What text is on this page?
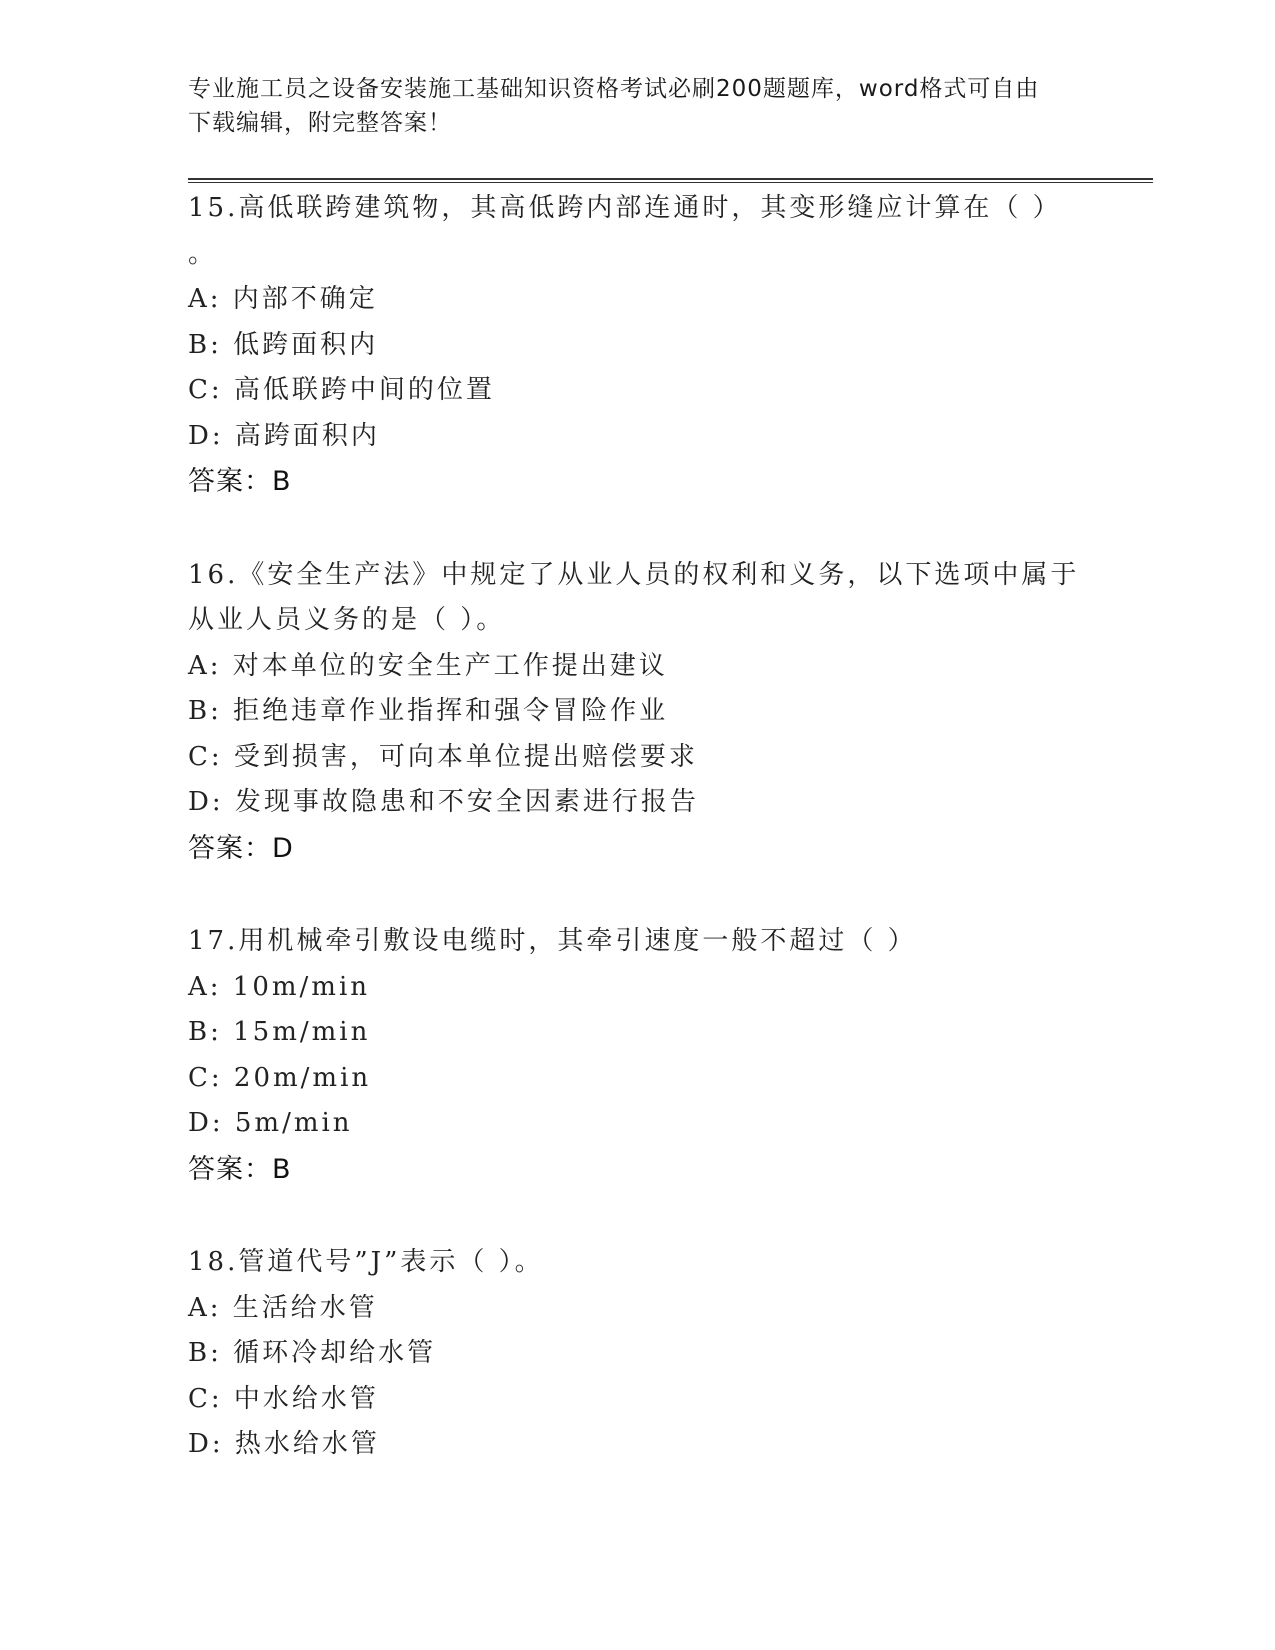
专业施工员之设备安装施工基础知识资格考试必刷200题题库，word格式可自由
下载编辑，附完整答案！
15.高低联跨建筑物，其高低跨内部连通时，其变形缝应计算在（ ）
。
A: 内部不确定
B: 低跨面积内
C: 高低联跨中间的位置
D: 高跨面积内
答案：B
16.《安全生产法》中规定了从业人员的权利和义务，以下选项中属于
从业人员义务的是（ ）。
A: 对本单位的安全生产工作提出建议
B: 拒绝违章作业指挥和强令冒险作业
C: 受到损害，可向本单位提出赔偿要求
D: 发现事故隐患和不安全因素进行报告
答案：D
17.用机械牵引敷设电缆时，其牵引速度一般不超过（ ）
A: 10m/min
B: 15m/min
C: 20m/min
D: 5m/min
答案：B
18.管道代号”J”表示（ ）。
A: 生活给水管
B: 循环冷却给水管
C: 中水给水管
D: 热水给水管
